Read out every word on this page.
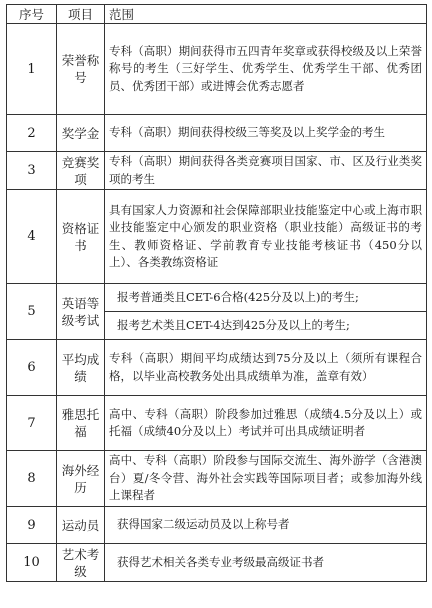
序号	项目	范围
1	荣誉称号	专科（高职）期间获得市五四青年奖章或获得校级及以上荣誉称号的考生（三好学生、优秀学生、优秀学生干部、优秀团员、优秀团干部）或进博会优秀志愿者
2	奖学金	专科（高职）期间获得校级三等奖及以上奖学金的考生
3	竞赛奖项	专科（高职）期间获得各类竞赛项目国家、市、区及行业类奖项的考生
4	资格证书	具有国家人力资源和社会保障部职业技能鉴定中心或上海市职业技能鉴定中心颁发的职业资格（职业技能）高级证书的考生、教师资格证、学前教育专业技能考核证书（450分以上）、各类教练资格证
5	英语等级考试	报考普通类且CET-6合格(425分及以上)的考生;
		报考艺术类且CET-4达到425分及以上的考生;
6	平均成绩	专科（高职）期间平均成绩达到75分及以上（须所有课程合格，以毕业高校教务处出具成绩单为准，盖章有效）
7	雅思托福	高中、专科（高职）阶段参加过雅思（成绩4.5分及以上）或托福（成绩40分及以上）考试并可出具成绩证明者
8	海外经历	高中、专科（高职）阶段参与国际交流生、海外游学（含港澳台）夏/冬令营、海外社会实践等国际项目者；或参加海外线上课程者
9	运动员	获得国家二级运动员及以上称号者
10	艺术考级	获得艺术相关各类专业考级最高级证书者
